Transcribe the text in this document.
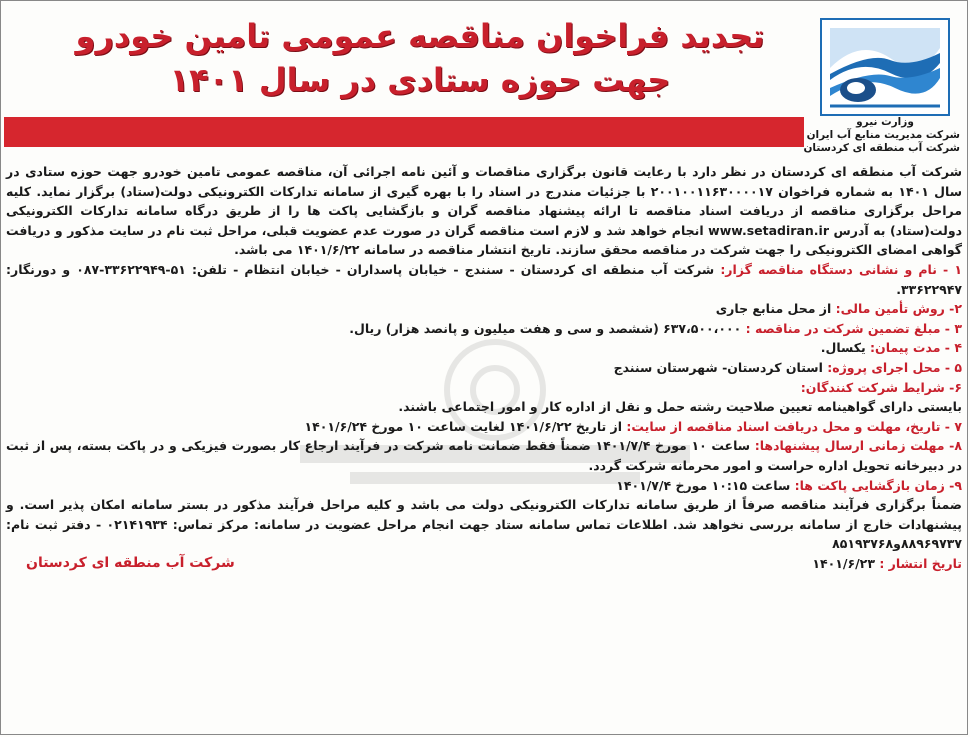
تجدید فراخوان مناقصه عمومی تامین خودرو
جهت حوزه ستادی در سال ۱۴۰۱
وزارت نیرو
شرکت مدیریت منابع آب ایران
شرکت آب منطقه ای کردستان

شرکت آب منطقه ای کردستان در نظر دارد با رعایت قانون برگزاری مناقصات و آئین نامه اجرائی آن، مناقصه عمومی تامین خودرو جهت حوزه ستادی در سال ۱۴۰۱ به شماره فراخوان ۲۰۰۱۰۰۱۱۶۳۰۰۰۰۱۷ با جزئیات مندرج در اسناد را با بهره گیری از سامانه تدارکات الکترونیکی دولت(ستاد) برگزار نماید. کلیه مراحل برگزاری مناقصه از دریافت اسناد مناقصه تا ارائه پیشنهاد مناقصه گران و بازگشایی پاکت ها را از طریق درگاه سامانه تدارکات الکترونیکی دولت(ستاد) به آدرس www.setadiran.ir انجام خواهد شد و لازم است مناقصه گران در صورت عدم عضویت قبلی، مراحل ثبت نام در سایت مذکور و دریافت گواهی امضای الکترونیکی را جهت شرکت در مناقصه محقق سازند. تاریخ انتشار مناقصه در سامانه ۱۴۰۱/۶/۲۲ می باشد.

۱ - نام و نشانی دستگاه مناقصه گزار: شرکت آب منطقه ای کردستان - سنندج - خیابان پاسداران - خیابان انتظام - تلفن: ۵۱-۳۳۶۲۲۹۴۹-۰۸۷ و دورنگار: ۳۳۶۲۲۹۴۷.

۲- روش تأمین مالی: از محل منابع جاری

۳ - مبلغ تضمین شرکت در مناقصه : ۶۳۷،۵۰۰،۰۰۰ (ششصد و سی و هفت میلیون و پانصد هزار) ریال.

۴ - مدت پیمان: یکسال.

۵ - محل اجرای پروژه: استان کردستان- شهرستان سنندج

۶- شرایط شرکت کنندگان:

بایستی دارای گواهینامه تعیین صلاحیت رشته حمل و نقل از اداره کار و امور اجتماعی باشند.

۷ - تاریخ، مهلت و محل دریافت اسناد مناقصه از سایت: از تاریخ ۱۴۰۱/۶/۲۲ لغایت ساعت ۱۰ مورخ ۱۴۰۱/۶/۲۴

۸- مهلت زمانی ارسال پیشنهادها: ساعت ۱۰ مورخ ۱۴۰۱/۷/۴ ضمناً فقط ضمانت نامه شرکت در فرآیند ارجاع کار بصورت فیزیکی و در پاکت بسته، پس از ثبت در دبیرخانه تحویل اداره حراست و امور محرمانه شرکت گردد.

۹- زمان بازگشایی پاکت ها: ساعت ۱۰:۱۵ مورخ ۱۴۰۱/۷/۴

ضمناً برگزاری فرآیند مناقصه صرفاً از طریق سامانه تدارکات الکترونیکی دولت می باشد و کلیه مراحل فرآیند مذکور در بستر سامانه امکان پذیر است. و پیشنهادات خارج از سامانه بررسی نخواهد شد. اطلاعات تماس سامانه ستاد جهت انجام مراحل عضویت در سامانه: مرکز تماس: ۰۲۱۴۱۹۳۴ - دفتر ثبت نام: ۸۸۹۶۹۷۳۷و۸۵۱۹۳۷۶۸

تاریخ انتشار : ۱۴۰۱/۶/۲۳
شرکت آب منطقه ای کردستان
